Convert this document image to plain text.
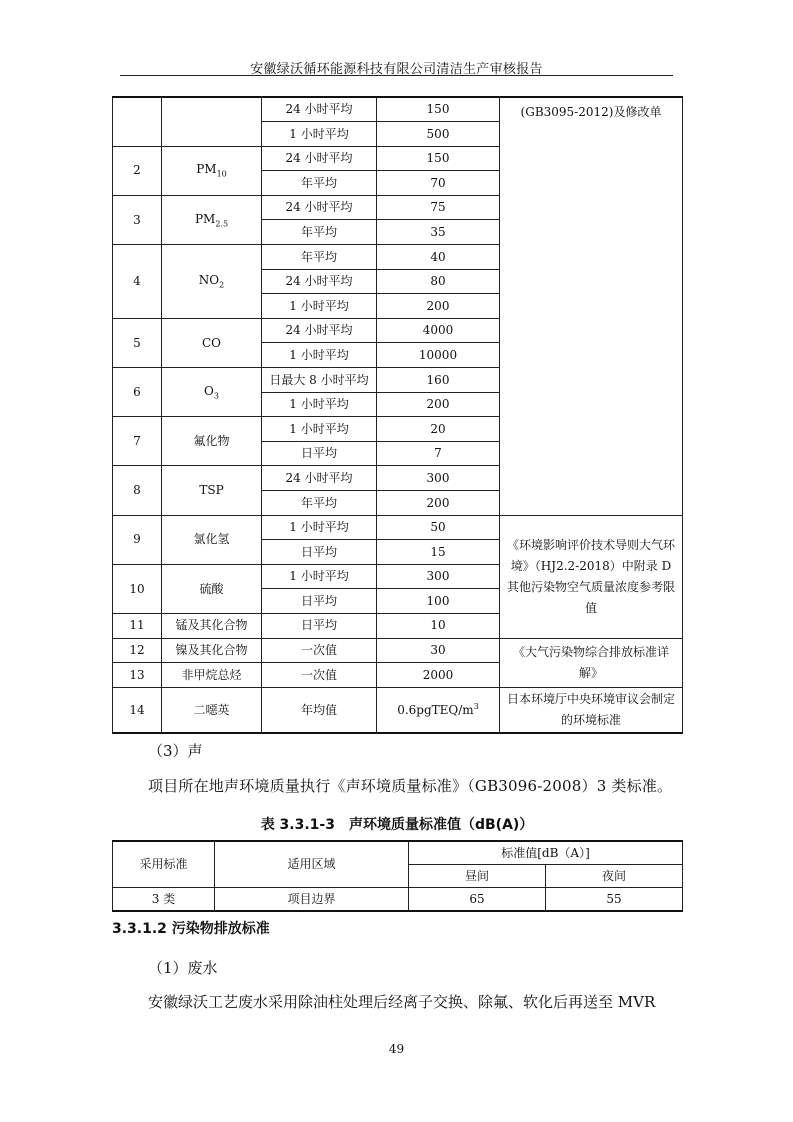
安徽绿沃循环能源科技有限公司清洁生产审核报告
		24 小时平均	150	(GB3095-2012)及修改单
		1 小时平均	500	
2	$PM_{10}$	24 小时平均	150	
		年平均	70	
3	$PM_{2.5}$	24 小时平均	75	
		年平均	35	
4	$NO_2$	年平均	40	
		24 小时平均	80	
		1 小时平均	200	
5	CO	24 小时平均	4000	
		1 小时平均	10000	
6	$O_3$	日最大 8 小时平均	160	
		1 小时平均	200	
7	氟化物	1 小时平均	20	
		日平均	7	
8	TSP	24 小时平均	300	
		年平均	200	
9	氯化氢	1 小时平均	50	《环境影响评价技术导则大气环境》（HJ2.2-2018）中附录 D 其他污染物空气质量浓度参考限值
		日平均	15	
10	硫酸	1 小时平均	300	
		日平均	100	
11	锰及其化合物	日平均	10	
12	镍及其化合物	一次值	30	《大气污染物综合排放标准详解》
13	非甲烷总烃	一次值	2000	
14	二噁英	年均值	$0.6pgTEQ/m^3$	日本环境厅中央环境审议会制定的环境标准
（3）声
项目所在地声环境质量执行《声环境质量标准》（GB3096-2008）3 类标准。
表 3.3.1-3　声环境质量标准值（dB(A)）
采用标准	适用区域	标准值[dB（A）]	
		昼间	夜间
3 类	项目边界	65	55
3.3.1.2 污染物排放标准
（1）废水
安徽绿沃工艺废水采用除油柱处理后经离子交换、除氟、软化后再送至 MVR
49
